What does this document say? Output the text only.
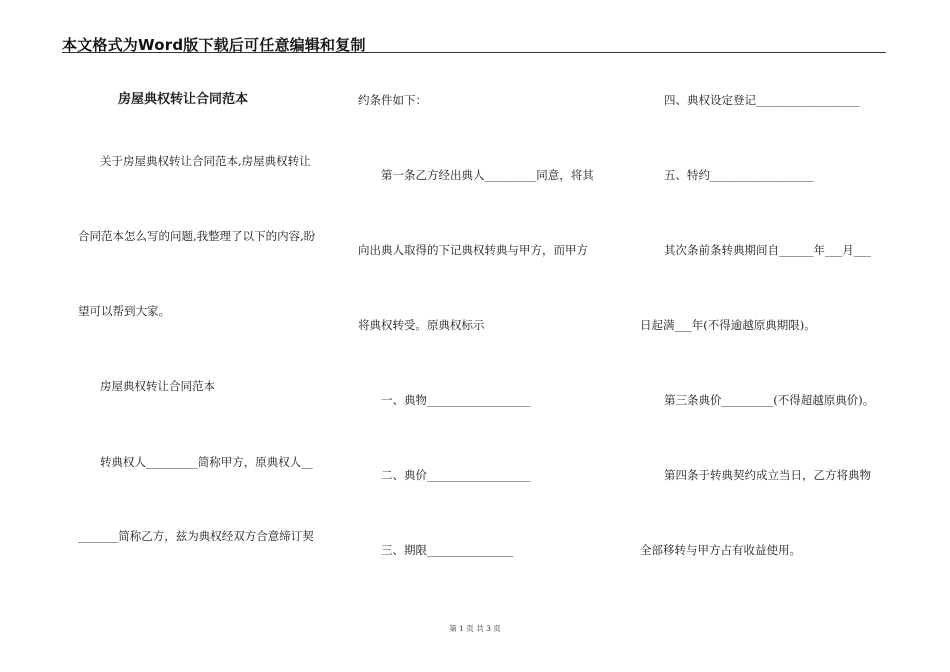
本文格式为Word版下载后可任意编辑和复制
房屋典权转让合同范本
关于房屋典权转让合同范本,房屋典权转让
合同范本怎么写的问题,我整理了以下的内容,盼
望可以帮到大家。
房屋典权转让合同范本
转典权人_________简称甲方，原典权人__
_______简称乙方，兹为典权经双方合意缔订契
约条件如下：
第一条乙方经出典人_________同意，将其
向出典人取得的下记典权转典与甲方，而甲方
将典权转受。原典权标示
一、典物__________________
二、典价__________________
三、期限_______________
四、典权设定登记__________________
五、特约__________________
其次条前条转典期间自______年___月___
日起满___年(不得逾越原典期限)。
第三条典价_________(不得超越原典价)。
第四条于转典契约成立当日，乙方将典物
全部移转与甲方占有收益使用。
第 1 页 共 3 页
